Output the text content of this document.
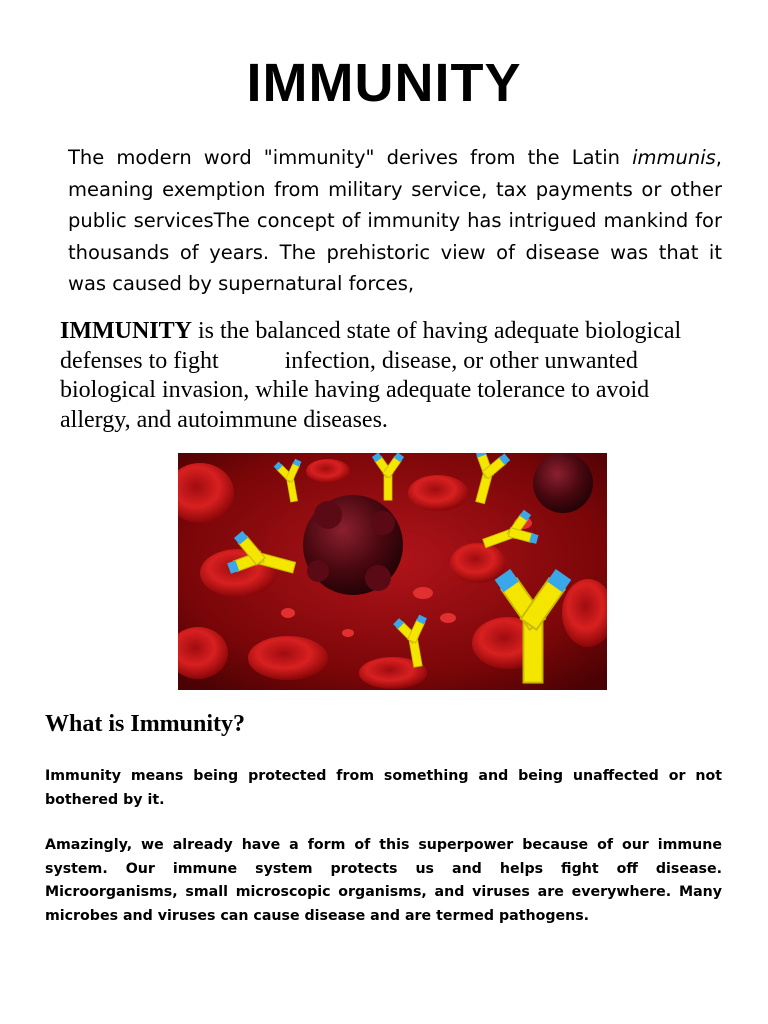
IMMUNITY

The modern word "immunity" derives from the Latin immunis, meaning exemption from military service, tax payments or other public servicesThe concept of immunity has intrigued mankind for thousands of years. The prehistoric view of disease was that it was caused by supernatural forces,

IMMUNITY is the balanced state of having adequate biological defenses to fight	infection, disease, or other unwanted biological invasion, while having adequate tolerance to avoid allergy, and autoimmune diseases.

What is Immunity?

Immunity means being protected from something and being unaffected or not bothered by it.

Amazingly, we already have a form of this superpower because of our immune system. Our immune system protects us and helps fight off disease. Microorganisms, small microscopic organisms, and viruses are everywhere. Many microbes and viruses can cause disease and are termed pathogens.
